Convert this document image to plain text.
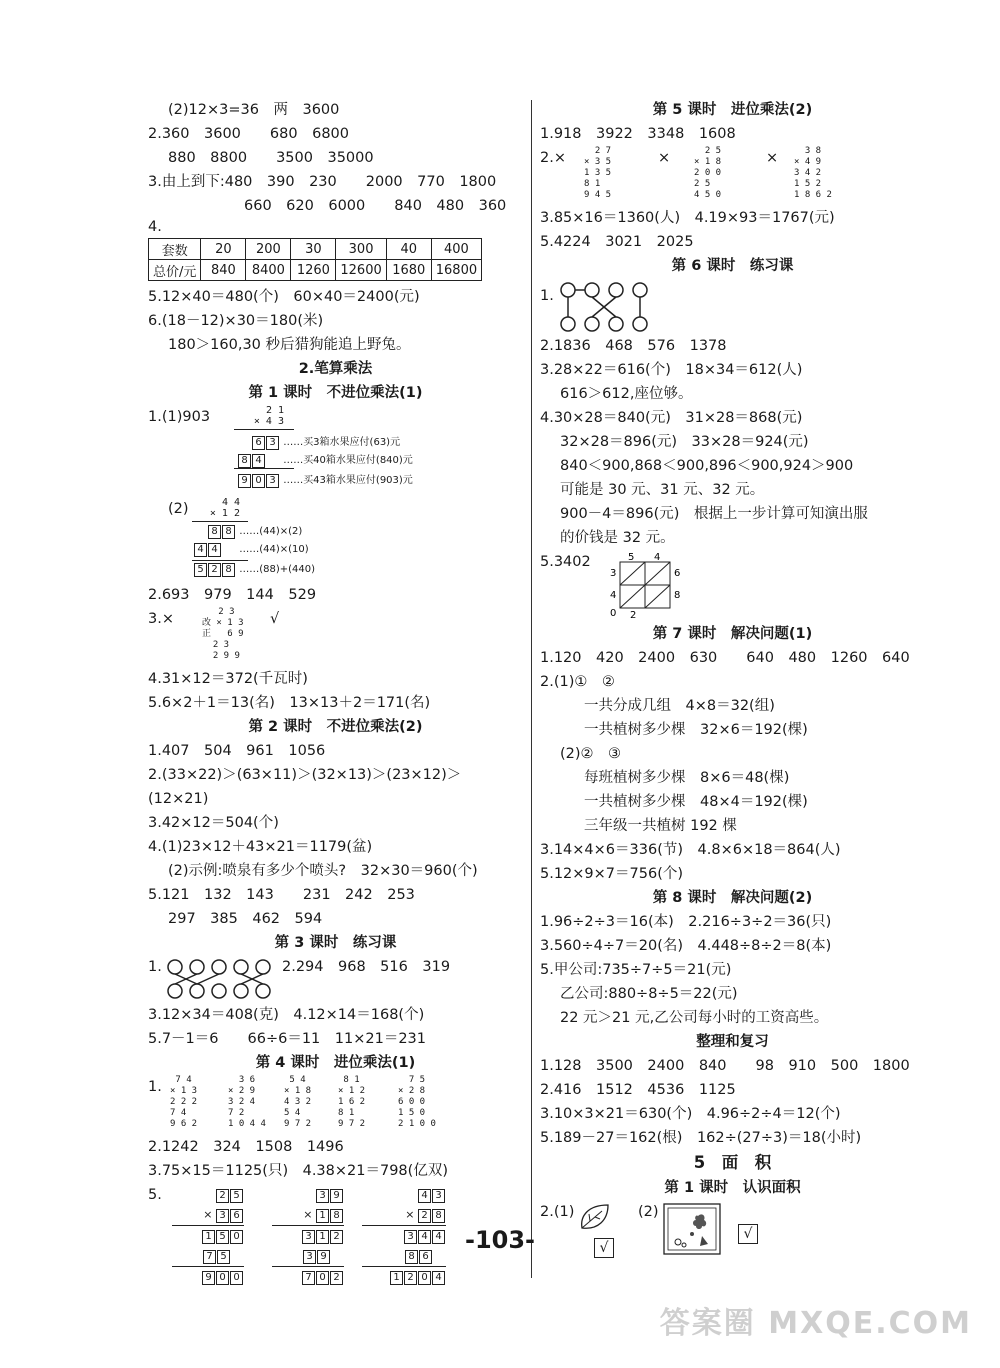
(2)12×3=36　两　3600
2.360　3600　　680　6800
880　8800　　3500　35000
3.由上到下:480　390　230　　2000　770　1800
660　620　6000　　840　480　360
4.
套数	20	200	30	300	40	400
总价/元	840	8400	1260	12600	1680	16800
5.12×40＝480(个)　60×40＝2400(元)
6.(18－12)×30＝180(米)
180＞160,30 秒后猎狗能追上野兔。
2.笔算乘法
第 1 课时　不进位乘法(1)
1.(1)903	2 1
× 4 3
6 3 ……买3箱水果应付(63)元
8 4 ……买40箱水果应付(840)元
9 0 3 ……买43箱水果应付(903)元
(2)	4 4
× 1 2
8 8 ……(44)×(2)
4 4 ……(44)×(10)
5 2 8 ……(88)+(440)
2.693　979　144　529
3.×	2 3
改 × 1 3
正   6 9
2 3
2 9 9
√
4.31×12＝372(千瓦时)
5.6×2＋1＝13(名)　13×13＋2＝171(名)
第 2 课时　不进位乘法(2)
1.407　504　961　1056
2.(33×22)＞(63×11)＞(32×13)＞(23×12)＞
(12×21)
3.42×12＝504(个)
4.(1)23×12＋43×21＝1179(盆)
(2)示例:喷泉有多少个喷头?　32×30＝960(个)
5.121　132　143　　231　242　253
297　385　462　594
第 3 课时　练习课
1.	2.294　968　516　319
3.12×34＝408(克)　4.12×14＝168(个)
5.7－1＝6　　66÷6＝11　11×21＝231
第 4 课时　进位乘法(1)
1.	7 4
× 1 3
2 2 2
7 4
9 6 2
3 6
× 2 9
3 2 4
7 2
1 0 4 4
5 4
× 1 8
4 3 2
5 4
9 7 2
8 1
× 1 2
1 6 2
8 1
9 7 2
7 5
× 2 8
6 0 0
1 5 0
2 1 0 0
2.1242　324　1508　1496
3.75×15＝1125(只)　4.38×21＝798(亿双)
5.	2 5
× 3 6
1 5 0
7 5
9 0 0
3 9
× 1 8
3 1 2
3 9
7 0 2
4 3
× 2 8
3 4 4
8 6
1 2 0 4
第 5 课时　进位乘法(2)
1.918　3922　3348　1608
2.×	2 7
× 3 5
1 3 5
8 1
9 4 5
×	2 5
× 1 8
2 0 0
2 5
4 5 0
×	3 8
× 4 9
3 4 2
1 5 2
1 8 6 2
3.85×16＝1360(人)　4.19×93＝1767(元)
5.4224　3021　2025
第 6 课时　练习课
1.
2.1836　468　576　1378
3.28×22＝616(个)　18×34＝612(人)
616＞612,座位够。
4.30×28＝840(元)　31×28＝868(元)
32×28＝896(元)　33×28＝924(元)
840＜900,868＜900,896＜900,924＞900
可能是 30 元、31 元、32 元。
900－4＝896(元)　根据上一步计算可知演出服
的价钱是 32 元。
5.3402	5 4
3
4
0
6
8
2
第 7 课时　解决问题(1)
1.120　420　2400　630　　640　480　1260　640
2.(1)①　②
一共分成几组　4×8＝32(组)
一共植树多少棵　32×6＝192(棵)
(2)②　③
每班植树多少棵　8×6＝48(棵)
一共植树多少棵　48×4＝192(棵)
三年级一共植树 192 棵
3.14×4×6＝336(节)　4.8×6×18＝864(人)
5.12×9×7＝756(个)
第 8 课时　解决问题(2)
1.96÷2÷3＝16(本)　2.216÷3÷2＝36(只)
3.560÷4÷7＝20(名)　4.448÷8÷2＝8(本)
5.甲公司:735÷7÷5＝21(元)
乙公司:880÷8÷5＝22(元)
22 元＞21 元,乙公司每小时的工资高些。
整理和复习
1.128　3500　2400　840　　98　910　500　1800
2.416　1512　4536　1125
3.10×3×21＝630(个)　4.96÷2÷4＝12(个)
5.189－27＝162(根)　162÷(27÷3)＝18(小时)
5　面　积
第 1 课时　认识面积
2.(1)
√
(2)
√
-103-
答案圈 MXQE.COM
